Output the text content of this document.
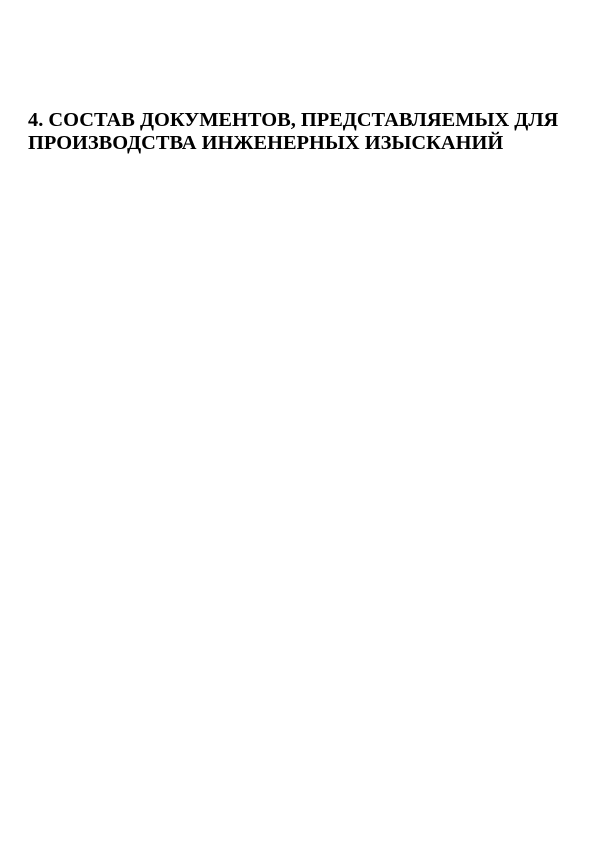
4. СОСТАВ ДОКУМЕНТОВ, ПРЕДСТАВЛЯЕМЫХ ДЛЯ ПРОИЗВОДСТВА ИНЖЕНЕРНЫХ ИЗЫСКАНИЙ
